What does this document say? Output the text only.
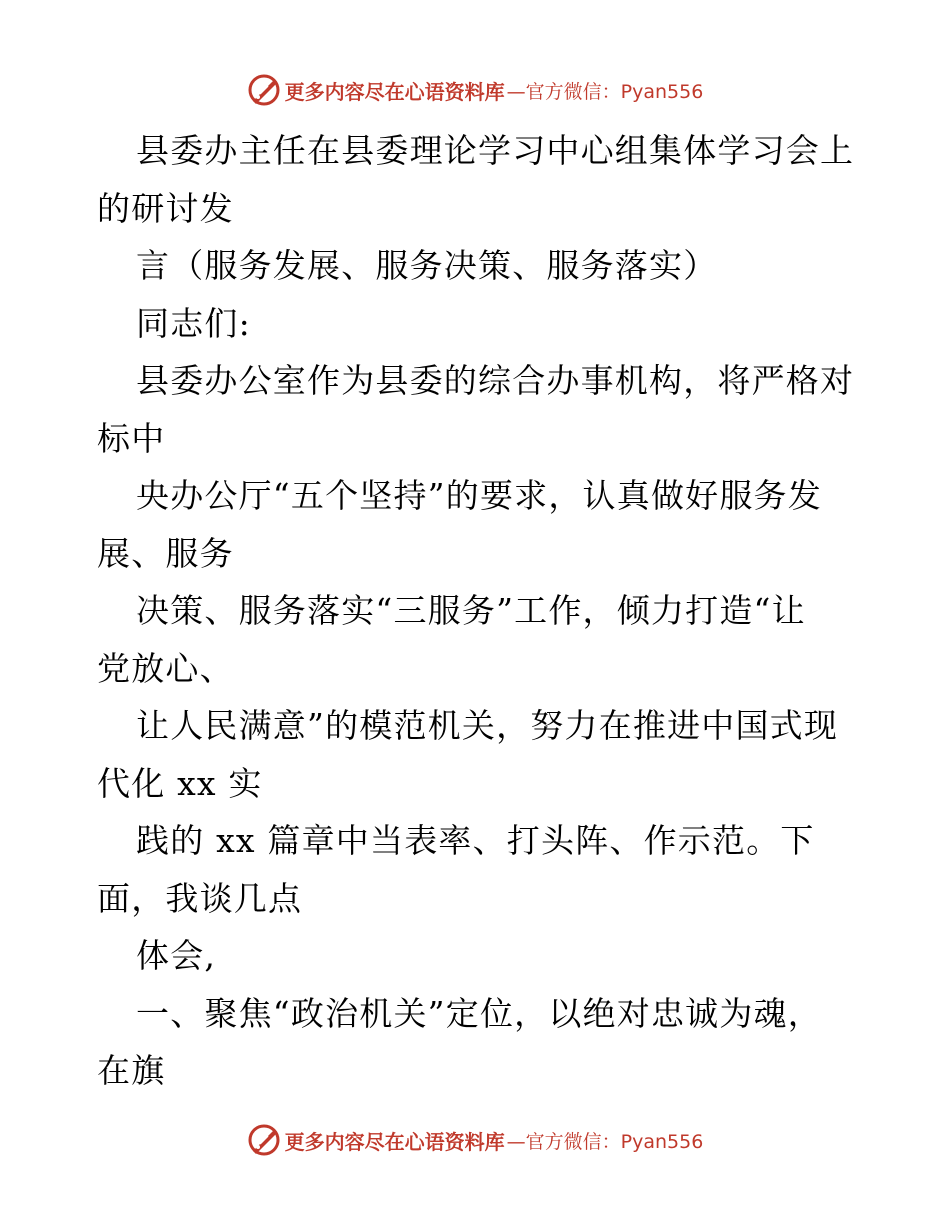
更多内容尽在心语资料库 —官方微信：Pyan556
县委办主任在县委理论学习中心组集体学习会上
的研讨发
言（服务发展、服务决策、服务落实）
同志们:
县委办公室作为县委的综合办事机构，将严格对
标中
央办公厅“五个坚持”的要求，认真做好服务发
展、服务
决策、服务落实“三服务”工作，倾力打造“让
党放心、
让人民满意”的模范机关，努力在推进中国式现
代化 xx 实
践的 xx 篇章中当表率、打头阵、作示范。下
面，我谈几点
体会,
一、聚焦“政治机关”定位，以绝对忠诚为魂，
在旗
更多内容尽在心语资料库 —官方微信：Pyan556
